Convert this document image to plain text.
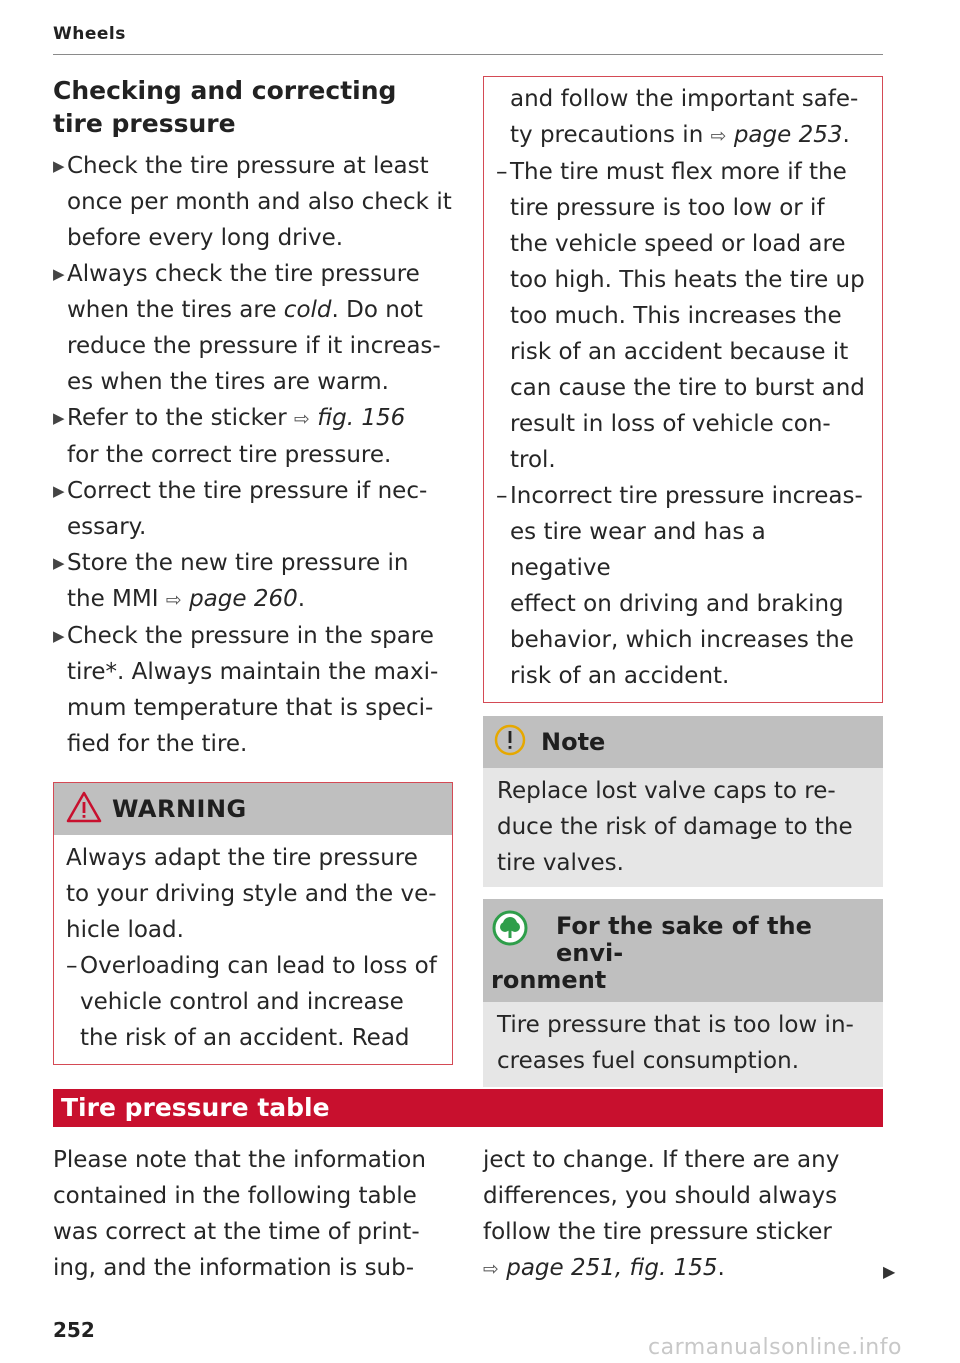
Wheels
Checking and correcting tire pressure
▶ Check the tire pressure at least
once per month and also check it
before every long drive.
▶ Always check the tire pressure
when the tires are cold. Do not
reduce the pressure if it increas-
es when the tires are warm.
▶ Refer to the sticker ⇨ fig. 156
for the correct tire pressure.
▶ Correct the tire pressure if nec-
essary.
▶ Store the new tire pressure in
the MMI ⇨ page 260.
▶ Check the pressure in the spare
tire*. Always maintain the maxi-
mum temperature that is speci-
fied for the tire.
WARNING
Always adapt the tire pressure
to your driving style and the ve-
hicle load.
– Overloading can lead to loss of
vehicle control and increase
the risk of an accident. Read
and follow the important safe-
ty precautions in ⇨ page 253.
– The tire must flex more if the
tire pressure is too low or if
the vehicle speed or load are
too high. This heats the tire up
too much. This increases the
risk of an accident because it
can cause the tire to burst and
result in loss of vehicle con-
trol.
– Incorrect tire pressure increas-
es tire wear and has a negative
effect on driving and braking
behavior, which increases the
risk of an accident.
Note
Replace lost valve caps to re-
duce the risk of damage to the
tire valves.
For the sake of the envi-
ronment
Tire pressure that is too low in-
creases fuel consumption.
Tire pressure table
Please note that the information
contained in the following table
was correct at the time of print-
ing, and the information is sub-
ject to change. If there are any
differences, you should always
follow the tire pressure sticker
⇨ page 251, fig. 155.	▶
252
carmanualsonline.info
